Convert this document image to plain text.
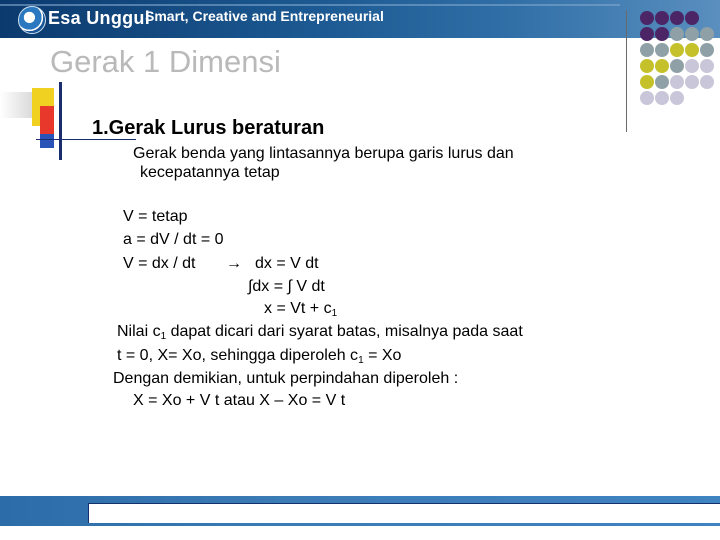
Esa Unggul
Smart, Creative and Entrepreneurial
Gerak 1 Dimensi
1.Gerak Lurus beraturan
Gerak benda yang lintasannya berupa garis lurus dan
kecepatannya tetap
V = tetap
a = dV / dt = 0
V = dx / dt → dx = V dt
∫dx = ∫ V dt
$x = Vt + c_1$
Nilai $c_1$ dapat dicari dari syarat batas, misalnya pada saat
t = 0, X= Xo, sehingga diperoleh $c_1 = Xo$
Dengan demikian, untuk perpindahan diperoleh :
X = Xo + V t atau X – Xo = V t
